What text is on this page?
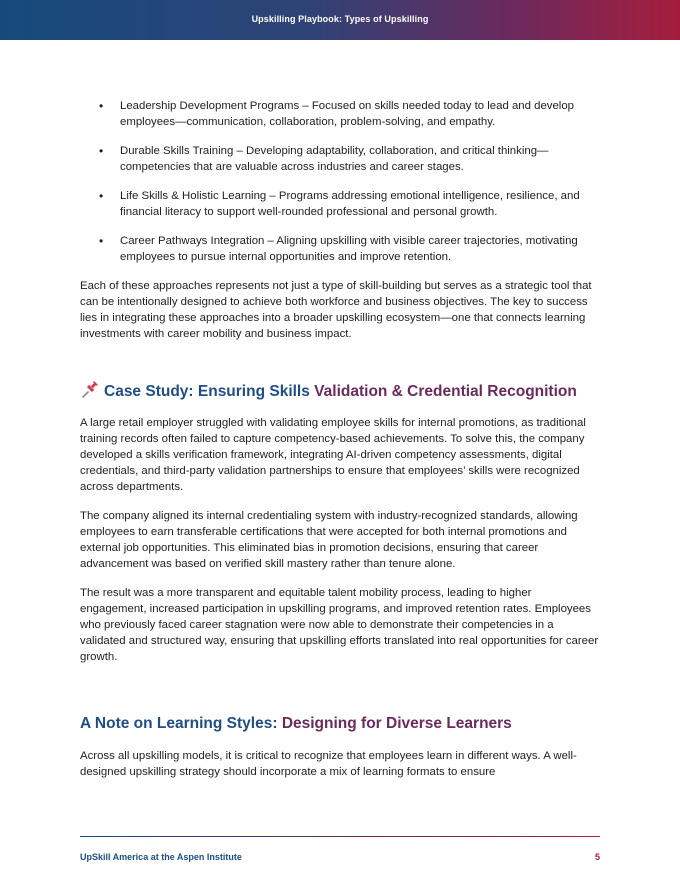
Upskilling Playbook: Types of Upskilling
• Leadership Development Programs – Focused on skills needed today to lead and develop employees—communication, collaboration, problem-solving, and empathy.
• Durable Skills Training – Developing adaptability, collaboration, and critical thinking—competencies that are valuable across industries and career stages.
• Life Skills & Holistic Learning – Programs addressing emotional intelligence, resilience, and financial literacy to support well-rounded professional and personal growth.
• Career Pathways Integration – Aligning upskilling with visible career trajectories, motivating employees to pursue internal opportunities and improve retention.

Each of these approaches represents not just a type of skill-building but serves as a strategic tool that can be intentionally designed to achieve both workforce and business objectives. The key to success lies in integrating these approaches into a broader upskilling ecosystem—one that connects learning investments with career mobility and business impact.

Case Study: Ensuring Skills Validation & Credential Recognition

A large retail employer struggled with validating employee skills for internal promotions, as traditional training records often failed to capture competency-based achievements. To solve this, the company developed a skills verification framework, integrating AI-driven competency assessments, digital credentials, and third-party validation partnerships to ensure that employees’ skills were recognized across departments.

The company aligned its internal credentialing system with industry-recognized standards, allowing employees to earn transferable certifications that were accepted for both internal promotions and external job opportunities. This eliminated bias in promotion decisions, ensuring that career advancement was based on verified skill mastery rather than tenure alone.

The result was a more transparent and equitable talent mobility process, leading to higher engagement, increased participation in upskilling programs, and improved retention rates. Employees who previously faced career stagnation were now able to demonstrate their competencies in a validated and structured way, ensuring that upskilling efforts translated into real opportunities for career growth.

A Note on Learning Styles: Designing for Diverse Learners

Across all upskilling models, it is critical to recognize that employees learn in different ways. A well-designed upskilling strategy should incorporate a mix of learning formats to ensure

UpSkill America at the Aspen Institute	5
